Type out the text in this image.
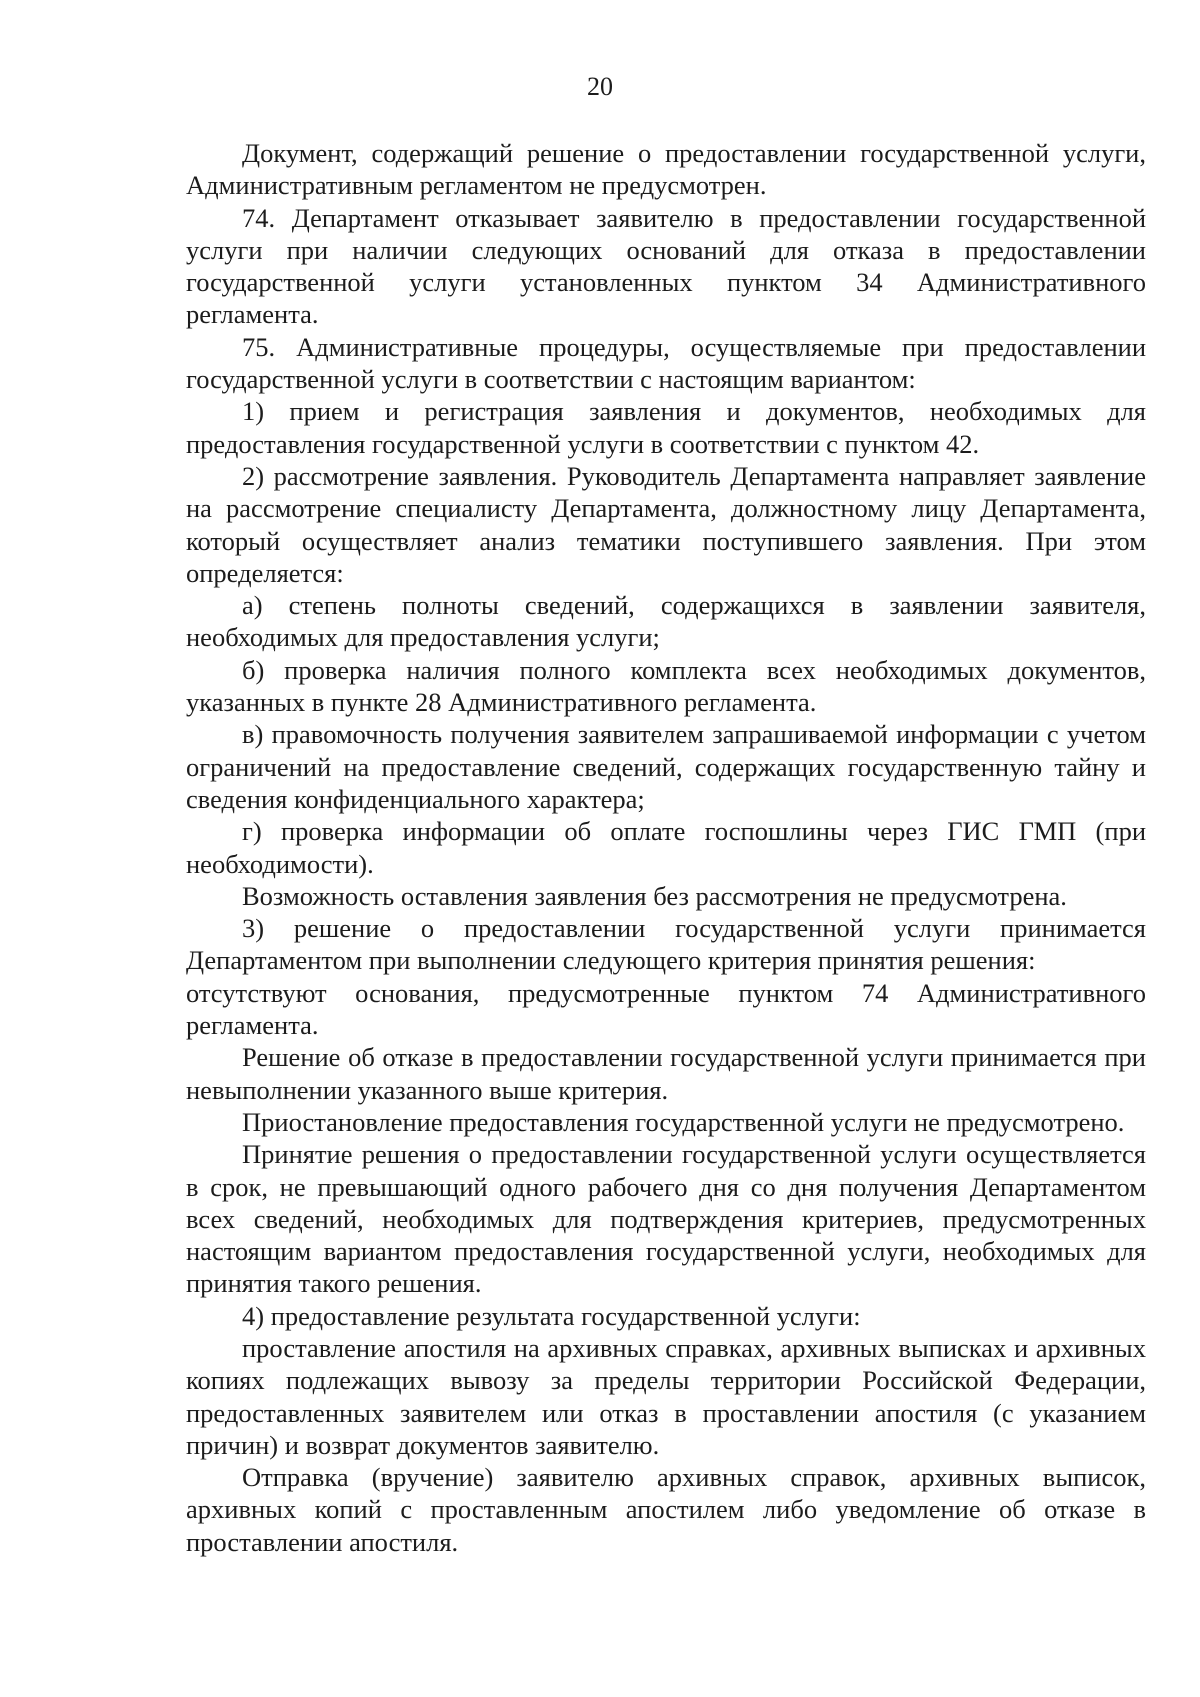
20

Документ, содержащий решение о предоставлении государственной услуги, Административным регламентом не предусмотрен.

74. Департамент отказывает заявителю в предоставлении государственной услуги при наличии следующих оснований для отказа в предоставлении государственной услуги установленных пунктом 34 Административного регламента.

75. Административные процедуры, осуществляемые при предоставлении государственной услуги в соответствии с настоящим вариантом:

1) прием и регистрация заявления и документов, необходимых для предоставления государственной услуги в соответствии с пунктом 42.

2) рассмотрение заявления. Руководитель Департамента направляет заявление на рассмотрение специалисту Департамента, должностному лицу Департамента, который осуществляет анализ тематики поступившего заявления. При этом определяется:

а) степень полноты сведений, содержащихся в заявлении заявителя, необходимых для предоставления услуги;

б) проверка наличия полного комплекта всех необходимых документов, указанных в пункте 28 Административного регламента.

в) правомочность получения заявителем запрашиваемой информации с учетом ограничений на предоставление сведений, содержащих государственную тайну и сведения конфиденциального характера;

г) проверка информации об оплате госпошлины через ГИС ГМП (при необходимости).

Возможность оставления заявления без рассмотрения не предусмотрена.

3) решение о предоставлении государственной услуги принимается Департаментом при выполнении следующего критерия принятия решения:

отсутствуют основания, предусмотренные пунктом 74 Административного регламента.

Решение об отказе в предоставлении государственной услуги принимается при невыполнении указанного выше критерия.

Приостановление предоставления государственной услуги не предусмотрено.

Принятие решения о предоставлении государственной услуги осуществляется в срок, не превышающий одного рабочего дня со дня получения Департаментом всех сведений, необходимых для подтверждения критериев, предусмотренных настоящим вариантом предоставления государственной услуги, необходимых для принятия такого решения.

4) предоставление результата государственной услуги:

проставление апостиля на архивных справках, архивных выписках и архивных копиях подлежащих вывозу за пределы территории Российской Федерации, предоставленных заявителем или отказ в проставлении апостиля (с указанием причин) и возврат документов заявителю.

Отправка (вручение) заявителю архивных справок, архивных выписок, архивных копий с проставленным апостилем либо уведомление об отказе в проставлении апостиля.
